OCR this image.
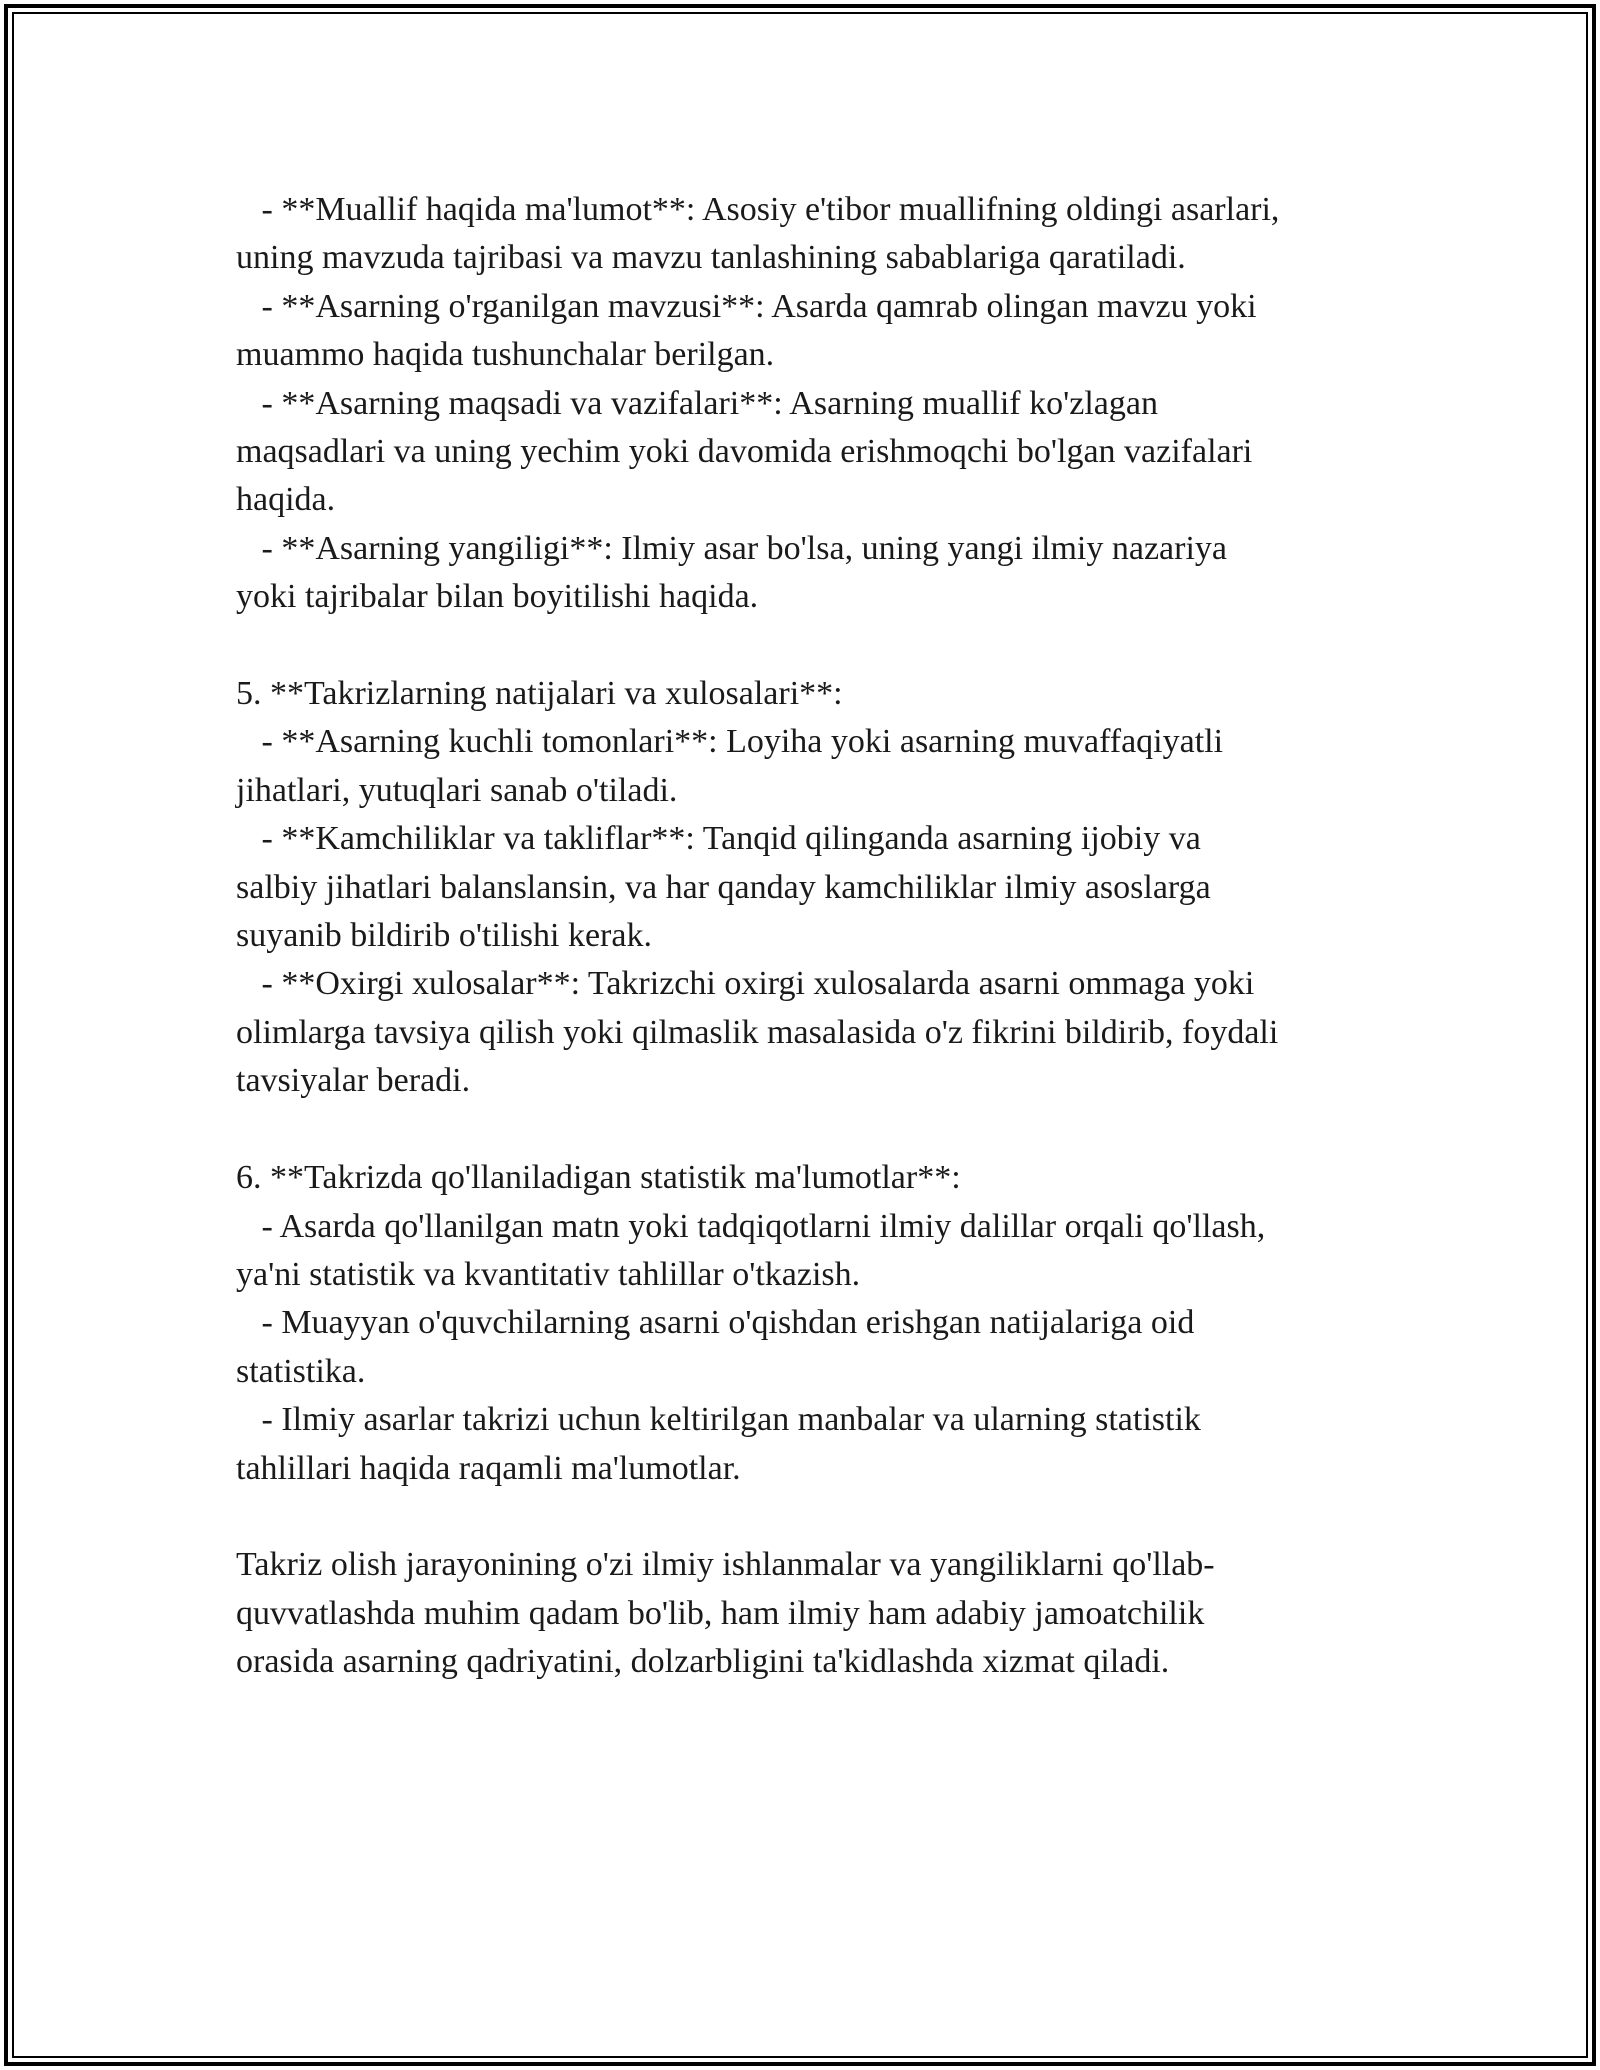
- **Muallif haqida ma'lumot**: Asosiy e'tibor muallifning oldingi asarlari,
uning mavzuda tajribasi va mavzu tanlashining sabablariga qaratiladi.
- **Asarning o'rganilgan mavzusi**: Asarda qamrab olingan mavzu yoki
muammo haqida tushunchalar berilgan.
- **Asarning maqsadi va vazifalari**: Asarning muallif ko'zlagan
maqsadlari va uning yechim yoki davomida erishmoqchi bo'lgan vazifalari
haqida.
- **Asarning yangiligi**: Ilmiy asar bo'lsa, uning yangi ilmiy nazariya
yoki tajribalar bilan boyitilishi haqida.
5. **Takrizlarning natijalari va xulosalari**:
- **Asarning kuchli tomonlari**: Loyiha yoki asarning muvaffaqiyatli
jihatlari, yutuqlari sanab o'tiladi.
- **Kamchiliklar va takliflar**: Tanqid qilinganda asarning ijobiy va
salbiy jihatlari balanslansin, va har qanday kamchiliklar ilmiy asoslarga
suyanib bildirib o'tilishi kerak.
- **Oxirgi xulosalar**: Takrizchi oxirgi xulosalarda asarni ommaga yoki
olimlarga tavsiya qilish yoki qilmaslik masalasida o'z fikrini bildirib, foydali
tavsiyalar beradi.
6. **Takrizda qo'llaniladigan statistik ma'lumotlar**:
- Asarda qo'llanilgan matn yoki tadqiqotlarni ilmiy dalillar orqali qo'llash,
ya'ni statistik va kvantitativ tahlillar o'tkazish.
- Muayyan o'quvchilarning asarni o'qishdan erishgan natijalariga oid
statistika.
- Ilmiy asarlar takrizi uchun keltirilgan manbalar va ularning statistik
tahlillari haqida raqamli ma'lumotlar.
Takriz olish jarayonining o'zi ilmiy ishlanmalar va yangiliklarni qo'llab-
quvvatlashda muhim qadam bo'lib, ham ilmiy ham adabiy jamoatchilik
orasida asarning qadriyatini, dolzarbligini ta'kidlashda xizmat qiladi.
